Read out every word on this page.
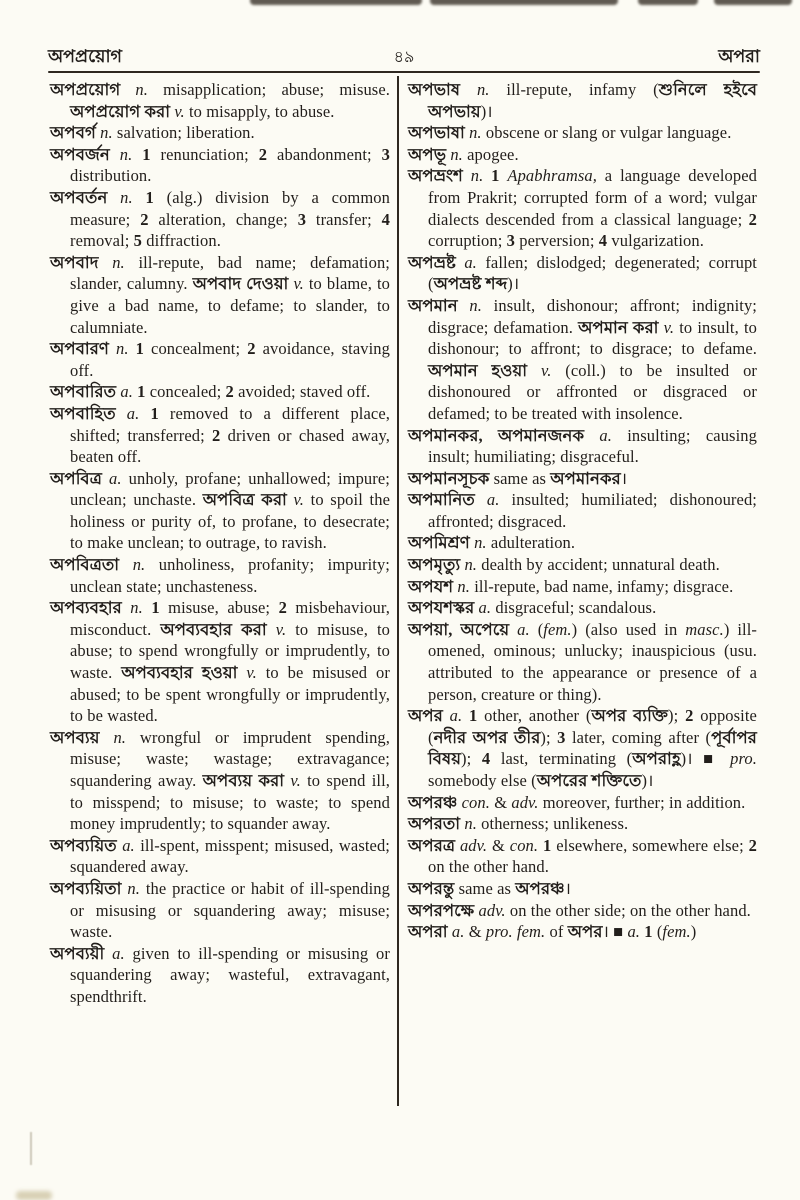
অপপ্রয়োগ	৪৯	অপরা

অপপ্রয়োগ n. misapplication; abuse; misuse. অপপ্রয়োগ করা v. to misapply, to abuse.

অপবর্গ n. salvation; liberation.

অপবর্জন n. 1 renunciation; 2 abandonment; 3 distribution.

অপবর্তন n. 1 (alg.) division by a common measure; 2 alteration, change; 3 transfer; 4 removal; 5 diffraction.

অপবাদ n. ill-repute, bad name; defamation; slander, calumny. অপবাদ দেওয়া v. to blame, to give a bad name, to defame; to slander, to calumniate.

অপবারণ n. 1 concealment; 2 avoidance, staving off.

অপবারিত a. 1 concealed; 2 avoided; staved off.

অপবাহিত a. 1 removed to a different place, shifted; transferred; 2 driven or chased away, beaten off.

অপবিত্র a. unholy, profane; unhallowed; impure; unclean; unchaste. অপবিত্র করা v. to spoil the holiness or purity of, to profane, to desecrate; to make unclean; to outrage, to ravish.

অপবিত্রতা n. unholiness, profanity; impurity; unclean state; unchasteness.

অপব্যবহার n. 1 misuse, abuse; 2 misbehaviour, misconduct. অপব্যবহার করা v. to misuse, to abuse; to spend wrongfully or imprudently, to waste. অপব্যবহার হওয়া v. to be misused or abused; to be spent wrongfully or imprudently, to be wasted.

অপব্যয় n. wrongful or imprudent spending, misuse; waste; wastage; extravagance; squandering away. অপব্যয় করা v. to spend ill, to misspend; to misuse; to waste; to spend money imprudently; to squander away.

অপব্যয়িত a. ill-spent, misspent; misused, wasted; squandered away.

অপব্যয়িতা n. the practice or habit of ill-spending or misusing or squandering away; misuse; waste.

অপব্যয়ী a. given to ill-spending or misusing or squandering away; wasteful, extravagant, spendthrift.

অপভাষ n. ill-repute, infamy (শুনিলে হইবে অপভায়)।

অপভাষা n. obscene or slang or vulgar language.

অপভূ n. apogee.

অপভ্রংশ n. 1 Apabhramsa, a language developed from Prakrit; corrupted form of a word; vulgar dialects descended from a classical language; 2 corruption; 3 perversion; 4 vulgarization.

অপভ্রষ্ট a. fallen; dislodged; degenerated; corrupt (অপভ্রষ্ট শব্দ)।

অপমান n. insult, dishonour; affront; indignity; disgrace; defamation. অপমান করা v. to insult, to dishonour; to affront; to disgrace; to defame. অপমান হওয়া v. (coll.) to be insulted or dishonoured or affronted or disgraced or defamed; to be treated with insolence.

অপমানকর, অপমানজনক a. insulting; causing insult; humiliating; disgraceful.

অপমানসূচক same as অপমানকর।

অপমানিত a. insulted; humiliated; dishonoured; affronted; disgraced.

অপমিশ্রণ n. adulteration.

অপমৃত্যু n. dealth by accident; unnatural death.

অপযশ n. ill-repute, bad name, infamy; disgrace.

অপযশস্কর a. disgraceful; scandalous.

অপয়া, অপেয়ে a. (fem.) (also used in masc.) ill-omened, ominous; unlucky; inauspicious (usu. attributed to the appearance or presence of a person, creature or thing).

অপর a. 1 other, another (অপর ব্যক্তি); 2 opposite (নদীর অপর তীর); 3 later, coming after (পূর্বাপর বিষয়); 4 last, terminating (অপরাহ্ণ)। ■ pro. somebody else (অপরের শক্তিতে)।

অপরঞ্চ con. & adv. moreover, further; in addition.

অপরতা n. otherness; unlikeness.

অপরত্র adv. & con. 1 elsewhere, somewhere else; 2 on the other hand.

অপরন্তু same as অপরঞ্চ।

অপরপক্ষে adv. on the other side; on the other hand.

অপরা a. & pro. fem. of অপর। ■ a. 1 (fem.)
